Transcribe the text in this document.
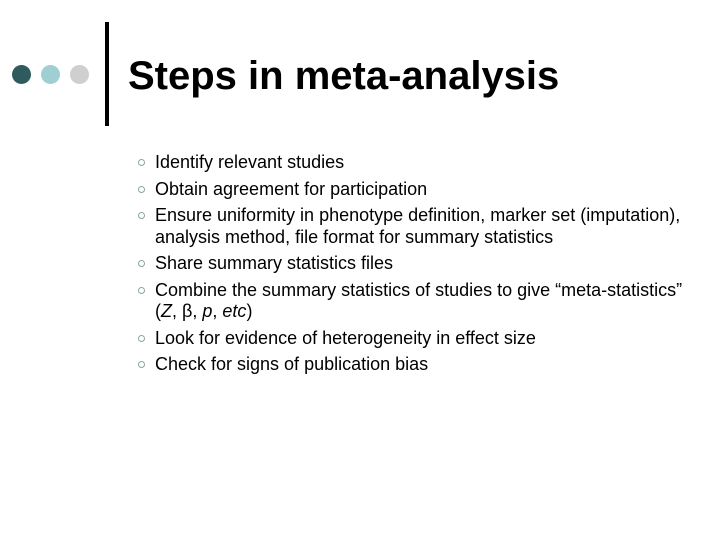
Steps in meta-analysis
Identify relevant studies
Obtain agreement for participation
Ensure uniformity in phenotype definition, marker set (imputation), analysis method, file format for summary statistics
Share summary statistics files
Combine the summary statistics of studies to give “meta-statistics” (Z, β, p, etc)
Look for evidence of heterogeneity in effect size
Check for signs of publication bias
